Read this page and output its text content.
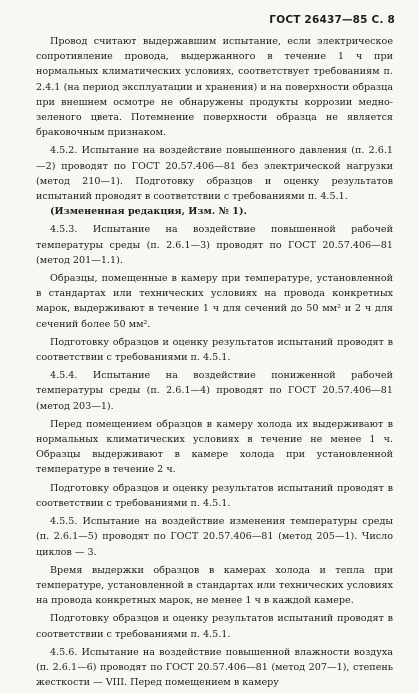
ГОСТ 26437—85 С. 8

Провод считают выдержавшим испытание, если электрическое сопротивление провода, выдержанного в течение 1 ч при нормальных климатических условиях, соответствует требованиям п. 2.4.1 (на период эксплуатации и хранения) и на поверхности образца при внешнем осмотре не обнаружены продукты коррозии медно-зеленого цвета. Потемнение поверхности образца не является браковочным признаком.

4.5.2. Испытание на воздействие повышенного давления (п. 2.6.1—2) проводят по ГОСТ 20.57.406—81 без электрической нагрузки (метод 210—1). Подготовку образцов и оценку результатов испытаний проводят в соответствии с требованиями п. 4.5.1.

(Измененная редакция, Изм. № 1).

4.5.3. Испытание на воздействие повышенной рабочей температуры среды (п. 2.6.1—3) проводят по ГОСТ 20.57.406—81 (метод 201—1.1).

Образцы, помещенные в камеру при температуре, установленной в стандартах или технических условиях на провода конкретных марок, выдерживают в течение 1 ч для сечений до 50 мм² и 2 ч для сечений более 50 мм².

Подготовку образцов и оценку результатов испытаний проводят в соответствии с требованиями п. 4.5.1.

4.5.4. Испытание на воздействие пониженной рабочей температуры среды (п. 2.6.1—4) проводят по ГОСТ 20.57.406—81 (метод 203—1).

Перед помещением образцов в камеру холода их выдерживают в нормальных климатических условиях в течение не менее 1 ч. Образцы выдерживают в камере холода при установленной температуре в течение 2 ч.

Подготовку образцов и оценку результатов испытаний проводят в соответствии с требованиями п. 4.5.1.

4.5.5. Испытание на воздействие изменения температуры среды (п. 2.6.1—5) проводят по ГОСТ 20.57.406—81 (метод 205—1). Число циклов — 3.

Время выдержки образцов в камерах холода и тепла при температуре, установленной в стандартах или технических условиях на провода конкретных марок, не менее 1 ч в каждой камере.

Подготовку образцов и оценку результатов испытаний проводят в соответствии с требованиями п. 4.5.1.

4.5.6. Испытание на воздействие повышенной влажности воздуха (п. 2.6.1—6) проводят по ГОСТ 20.57.406—81 (метод 207—1), степень жесткости — VIII. Перед помещением в камеру
